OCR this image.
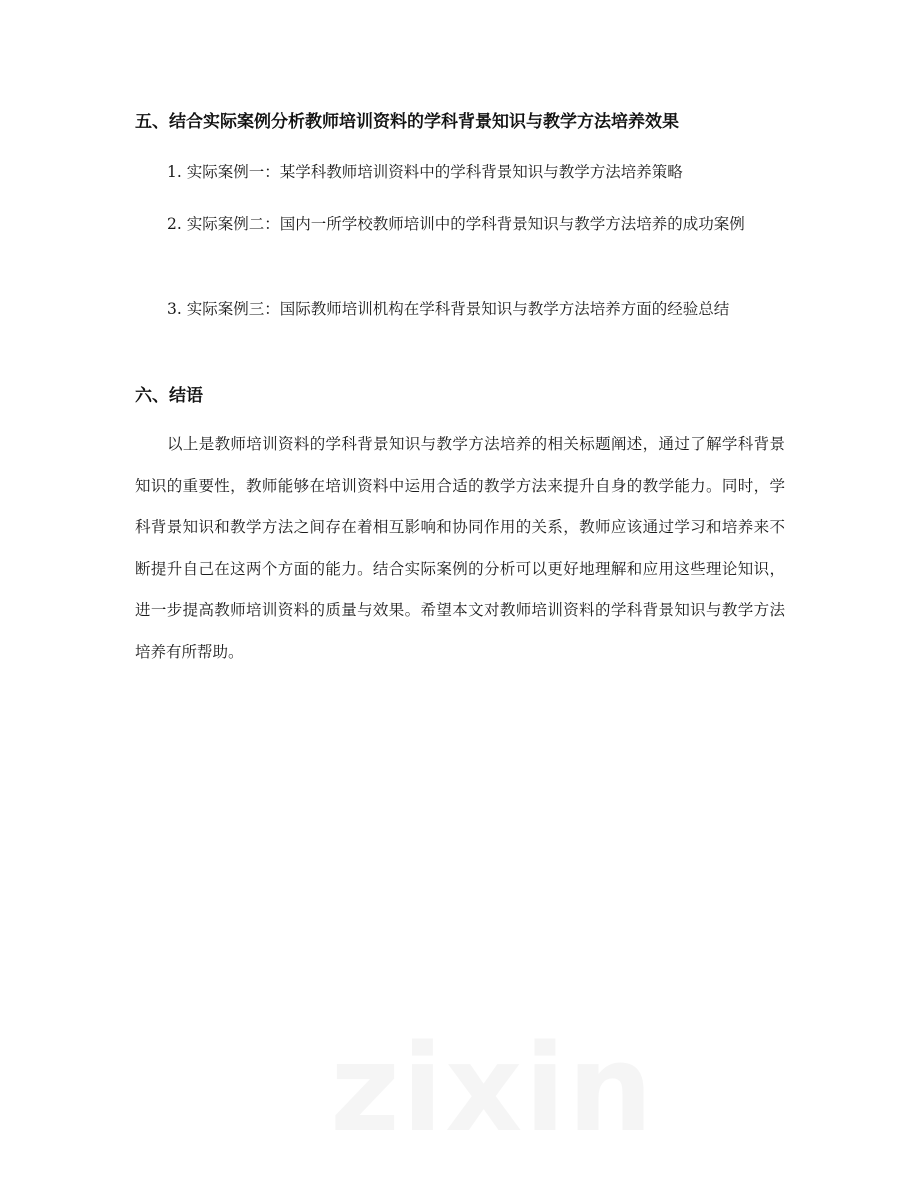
五、结合实际案例分析教师培训资料的学科背景知识与教学方法培养效果
1. 实际案例一：某学科教师培训资料中的学科背景知识与教学方法培养策略
2. 实际案例二：国内一所学校教师培训中的学科背景知识与教学方法培养的成功案例
3. 实际案例三：国际教师培训机构在学科背景知识与教学方法培养方面的经验总结
六、结语
以上是教师培训资料的学科背景知识与教学方法培养的相关标题阐述，通过了解学科背景知识的重要性，教师能够在培训资料中运用合适的教学方法来提升自身的教学能力。同时，学科背景知识和教学方法之间存在着相互影响和协同作用的关系，教师应该通过学习和培养来不断提升自己在这两个方面的能力。结合实际案例的分析可以更好地理解和应用这些理论知识，进一步提高教师培训资料的质量与效果。希望本文对教师培训资料的学科背景知识与教学方法培养有所帮助。
